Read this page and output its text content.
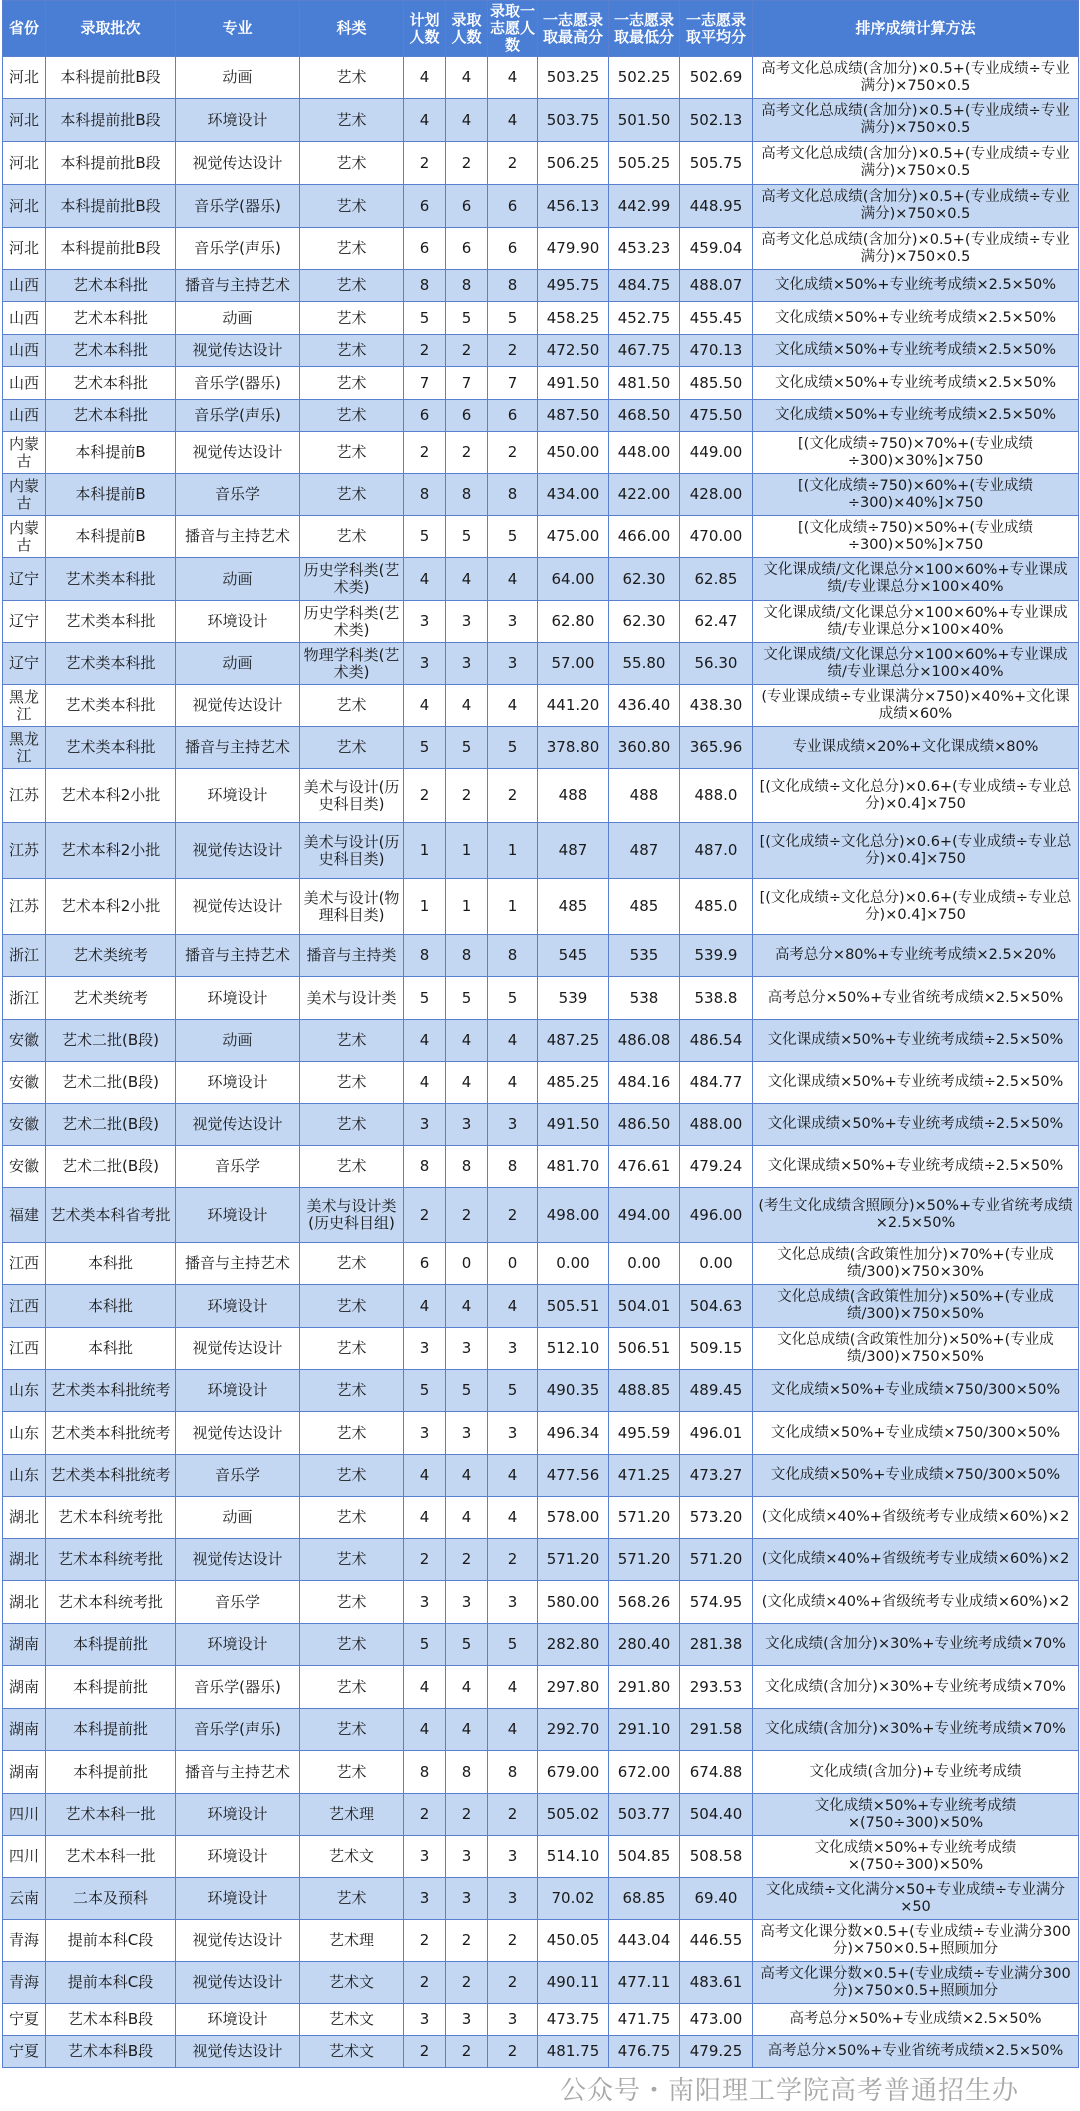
省份	录取批次	专业	科类	计划人数	录取人数	录取一志愿人数	一志愿录取最高分	一志愿录取最低分	一志愿录取平均分	排序成绩计算方法
河北	本科提前批B段	动画	艺术	4	4	4	503.25	502.25	502.69	高考文化总成绩(含加分)×0.5+(专业成绩÷专业满分)×750×0.5
河北	本科提前批B段	环境设计	艺术	4	4	4	503.75	501.50	502.13	高考文化总成绩(含加分)×0.5+(专业成绩÷专业满分)×750×0.5
河北	本科提前批B段	视觉传达设计	艺术	2	2	2	506.25	505.25	505.75	高考文化总成绩(含加分)×0.5+(专业成绩÷专业满分)×750×0.5
河北	本科提前批B段	音乐学(器乐)	艺术	6	6	6	456.13	442.99	448.95	高考文化总成绩(含加分)×0.5+(专业成绩÷专业满分)×750×0.5
河北	本科提前批B段	音乐学(声乐)	艺术	6	6	6	479.90	453.23	459.04	高考文化总成绩(含加分)×0.5+(专业成绩÷专业满分)×750×0.5
山西	艺术本科批	播音与主持艺术	艺术	8	8	8	495.75	484.75	488.07	文化成绩×50%+专业统考成绩×2.5×50%
山西	艺术本科批	动画	艺术	5	5	5	458.25	452.75	455.45	文化成绩×50%+专业统考成绩×2.5×50%
山西	艺术本科批	视觉传达设计	艺术	2	2	2	472.50	467.75	470.13	文化成绩×50%+专业统考成绩×2.5×50%
山西	艺术本科批	音乐学(器乐)	艺术	7	7	7	491.50	481.50	485.50	文化成绩×50%+专业统考成绩×2.5×50%
山西	艺术本科批	音乐学(声乐)	艺术	6	6	6	487.50	468.50	475.50	文化成绩×50%+专业统考成绩×2.5×50%
内蒙古	本科提前B	视觉传达设计	艺术	2	2	2	450.00	448.00	449.00	[(文化成绩÷750)×70%+(专业成绩÷300)×30%]×750
内蒙古	本科提前B	音乐学	艺术	8	8	8	434.00	422.00	428.00	[(文化成绩÷750)×60%+(专业成绩÷300)×40%]×750
内蒙古	本科提前B	播音与主持艺术	艺术	5	5	5	475.00	466.00	470.00	[(文化成绩÷750)×50%+(专业成绩÷300)×50%]×750
辽宁	艺术类本科批	动画	历史学科类(艺术类)	4	4	4	64.00	62.30	62.85	文化课成绩/文化课总分×100×60%+专业课成绩/专业课总分×100×40%
辽宁	艺术类本科批	环境设计	历史学科类(艺术类)	3	3	3	62.80	62.30	62.47	文化课成绩/文化课总分×100×60%+专业课成绩/专业课总分×100×40%
辽宁	艺术类本科批	动画	物理学科类(艺术类)	3	3	3	57.00	55.80	56.30	文化课成绩/文化课总分×100×60%+专业课成绩/专业课总分×100×40%
黑龙江	艺术类本科批	视觉传达设计	艺术	4	4	4	441.20	436.40	438.30	(专业课成绩÷专业课满分×750)×40%+文化课成绩×60%
黑龙江	艺术类本科批	播音与主持艺术	艺术	5	5	5	378.80	360.80	365.96	专业课成绩×20%+文化课成绩×80%
江苏	艺术本科2小批	环境设计	美术与设计(历史科目类)	2	2	2	488	488	488.0	[(文化成绩÷文化总分)×0.6+(专业成绩÷专业总分)×0.4]×750
江苏	艺术本科2小批	视觉传达设计	美术与设计(历史科目类)	1	1	1	487	487	487.0	[(文化成绩÷文化总分)×0.6+(专业成绩÷专业总分)×0.4]×750
江苏	艺术本科2小批	视觉传达设计	美术与设计(物理科目类)	1	1	1	485	485	485.0	[(文化成绩÷文化总分)×0.6+(专业成绩÷专业总分)×0.4]×750
浙江	艺术类统考	播音与主持艺术	播音与主持类	8	8	8	545	535	539.9	高考总分×80%+专业统考成绩×2.5×20%
浙江	艺术类统考	环境设计	美术与设计类	5	5	5	539	538	538.8	高考总分×50%+专业省统考成绩×2.5×50%
安徽	艺术二批(B段)	动画	艺术	4	4	4	487.25	486.08	486.54	文化课成绩×50%+专业统考成绩÷2.5×50%
安徽	艺术二批(B段)	环境设计	艺术	4	4	4	485.25	484.16	484.77	文化课成绩×50%+专业统考成绩÷2.5×50%
安徽	艺术二批(B段)	视觉传达设计	艺术	3	3	3	491.50	486.50	488.00	文化课成绩×50%+专业统考成绩÷2.5×50%
安徽	艺术二批(B段)	音乐学	艺术	8	8	8	481.70	476.61	479.24	文化课成绩×50%+专业统考成绩÷2.5×50%
福建	艺术类本科省考批	环境设计	美术与设计类(历史科目组)	2	2	2	498.00	494.00	496.00	(考生文化成绩含照顾分)×50%+专业省统考成绩×2.5×50%
江西	本科批	播音与主持艺术	艺术	6	0	0	0.00	0.00	0.00	文化总成绩(含政策性加分)×70%+(专业成绩/300)×750×30%
江西	本科批	环境设计	艺术	4	4	4	505.51	504.01	504.63	文化总成绩(含政策性加分)×50%+(专业成绩/300)×750×50%
江西	本科批	视觉传达设计	艺术	3	3	3	512.10	506.51	509.15	文化总成绩(含政策性加分)×50%+(专业成绩/300)×750×50%
山东	艺术类本科批统考	环境设计	艺术	5	5	5	490.35	488.85	489.45	文化成绩×50%+专业成绩×750/300×50%
山东	艺术类本科批统考	视觉传达设计	艺术	3	3	3	496.34	495.59	496.01	文化成绩×50%+专业成绩×750/300×50%
山东	艺术类本科批统考	音乐学	艺术	4	4	4	477.56	471.25	473.27	文化成绩×50%+专业成绩×750/300×50%
湖北	艺术本科统考批	动画	艺术	4	4	4	578.00	571.20	573.20	(文化成绩×40%+省级统考专业成绩×60%)×2
湖北	艺术本科统考批	视觉传达设计	艺术	2	2	2	571.20	571.20	571.20	(文化成绩×40%+省级统考专业成绩×60%)×2
湖北	艺术本科统考批	音乐学	艺术	3	3	3	580.00	568.26	574.95	(文化成绩×40%+省级统考专业成绩×60%)×2
湖南	本科提前批	环境设计	艺术	5	5	5	282.80	280.40	281.38	文化成绩(含加分)×30%+专业统考成绩×70%
湖南	本科提前批	音乐学(器乐)	艺术	4	4	4	297.80	291.80	293.53	文化成绩(含加分)×30%+专业统考成绩×70%
湖南	本科提前批	音乐学(声乐)	艺术	4	4	4	292.70	291.10	291.58	文化成绩(含加分)×30%+专业统考成绩×70%
湖南	本科提前批	播音与主持艺术	艺术	8	8	8	679.00	672.00	674.88	文化成绩(含加分)+专业统考成绩
四川	艺术本科一批	环境设计	艺术理	2	2	2	505.02	503.77	504.40	文化成绩×50%+专业统考成绩×(750÷300)×50%
四川	艺术本科一批	环境设计	艺术文	3	3	3	514.10	504.85	508.58	文化成绩×50%+专业统考成绩×(750÷300)×50%
云南	二本及预科	环境设计	艺术	3	3	3	70.02	68.85	69.40	文化成绩÷文化满分×50+专业成绩÷专业满分×50
青海	提前本科C段	视觉传达设计	艺术理	2	2	2	450.05	443.04	446.55	高考文化课分数×0.5+(专业成绩÷专业满分300分)×750×0.5+照顾加分
青海	提前本科C段	视觉传达设计	艺术文	2	2	2	490.11	477.11	483.61	高考文化课分数×0.5+(专业成绩÷专业满分300分)×750×0.5+照顾加分
宁夏	艺术本科B段	环境设计	艺术文	3	3	3	473.75	471.75	473.00	高考总分×50%+专业成绩×2.5×50%
宁夏	艺术本科B段	视觉传达设计	艺术文	2	2	2	481.75	476.75	479.25	高考总分×50%+专业省统考成绩×2.5×50%
公众号・南阳理工学院高考普通招生办
